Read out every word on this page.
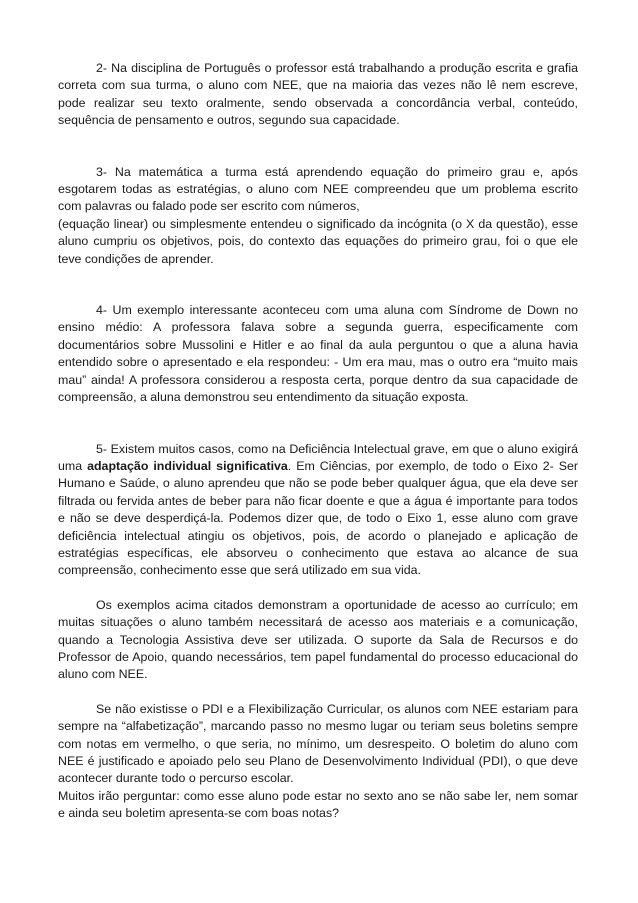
2- Na disciplina de Português o professor está trabalhando a produção escrita e grafia correta com sua turma, o aluno com NEE, que na maioria das vezes não lê nem escreve, pode realizar seu texto oralmente, sendo observada a concordância verbal, conteúdo, sequência de pensamento e outros, segundo sua capacidade.

3- Na matemática a turma está aprendendo equação do primeiro grau e, após esgotarem todas as estratégias, o aluno com NEE compreendeu que um problema escrito com palavras ou falado pode ser escrito com números,

(equação linear) ou simplesmente entendeu o significado da incógnita (o X da questão), esse aluno cumpriu os objetivos, pois, do contexto das equações do primeiro grau, foi o que ele teve condições de aprender.

4- Um exemplo interessante aconteceu com uma aluna com Síndrome de Down no ensino médio: A professora falava sobre a segunda guerra, especificamente com documentários sobre Mussolini e Hitler e ao final da aula perguntou o que a aluna havia entendido sobre o apresentado e ela respondeu: - Um era mau, mas o outro era “muito mais mau” ainda! A professora considerou a resposta certa, porque dentro da sua capacidade de compreensão, a aluna demonstrou seu entendimento da situação exposta.

5- Existem muitos casos, como na Deficiência Intelectual grave, em que o aluno exigirá uma adaptação individual significativa. Em Ciências, por exemplo, de todo o Eixo 2- Ser Humano e Saúde, o aluno aprendeu que não se pode beber qualquer água, que ela deve ser filtrada ou fervida antes de beber para não ficar doente e que a água é importante para todos e não se deve desperdiçá-la. Podemos dizer que, de todo o Eixo 1, esse aluno com grave deficiência intelectual atingiu os objetivos, pois, de acordo o planejado e aplicação de estratégias específicas, ele absorveu o conhecimento que estava ao alcance de sua compreensão, conhecimento esse que será utilizado em sua vida.

Os exemplos acima citados demonstram a oportunidade de acesso ao currículo; em muitas situações o aluno também necessitará de acesso aos materiais e a comunicação, quando a Tecnologia Assistiva deve ser utilizada. O suporte da Sala de Recursos e do Professor de Apoio, quando necessários, tem papel fundamental do processo educacional do aluno com NEE.

Se não existisse o PDI e a Flexibilização Curricular, os alunos com NEE estariam para sempre na “alfabetização”, marcando passo no mesmo lugar ou teriam seus boletins sempre com notas em vermelho, o que seria, no mínimo, um desrespeito. O boletim do aluno com NEE é justificado e apoiado pelo seu Plano de Desenvolvimento Individual (PDI), o que deve acontecer durante todo o percurso escolar.

Muitos irão perguntar: como esse aluno pode estar no sexto ano se não sabe ler, nem somar e ainda seu boletim apresenta-se com boas notas?
